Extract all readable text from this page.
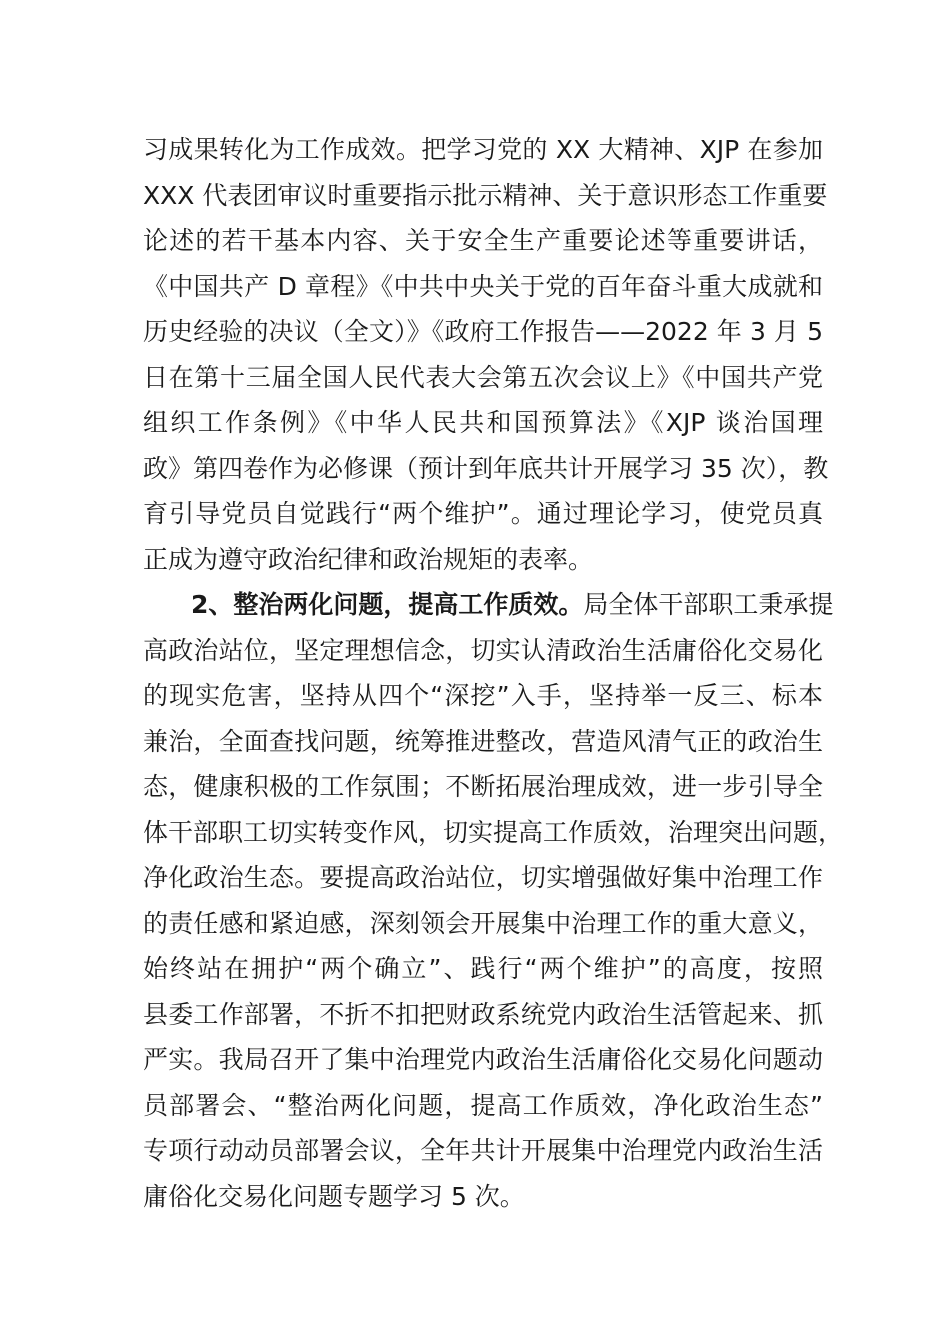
习成果转化为工作成效。把学习党的 XX 大精神、XJP 在参加
XXX 代表团审议时重要指示批示精神、关于意识形态工作重要
论述的若干基本内容、关于安全生产重要论述等重要讲话，
《中国共产 D 章程》《中共中央关于党的百年奋斗重大成就和
历史经验的决议（全文）》《政府工作报告——2022 年 3 月 5
日在第十三届全国人民代表大会第五次会议上》《中国共产党
组织工作条例》《中华人民共和国预算法》《XJP 谈治国理
政》第四卷作为必修课（预计到年底共计开展学习 35 次），教
育引导党员自觉践行“两个维护”。通过理论学习，使党员真
正成为遵守政治纪律和政治规矩的表率。
2、整治两化问题，提高工作质效。局全体干部职工秉承提
高政治站位，坚定理想信念，切实认清政治生活庸俗化交易化
的现实危害，坚持从四个“深挖”入手，坚持举一反三、标本
兼治，全面查找问题，统筹推进整改，营造风清气正的政治生
态，健康积极的工作氛围；不断拓展治理成效，进一步引导全
体干部职工切实转变作风，切实提高工作质效，治理突出问题，
净化政治生态。要提高政治站位，切实增强做好集中治理工作
的责任感和紧迫感，深刻领会开展集中治理工作的重大意义，
始终站在拥护“两个确立”、践行“两个维护”的高度，按照
县委工作部署，不折不扣把财政系统党内政治生活管起来、抓
严实。我局召开了集中治理党内政治生活庸俗化交易化问题动
员部署会、“整治两化问题，提高工作质效，净化政治生态”
专项行动动员部署会议，全年共计开展集中治理党内政治生活
庸俗化交易化问题专题学习 5 次。
